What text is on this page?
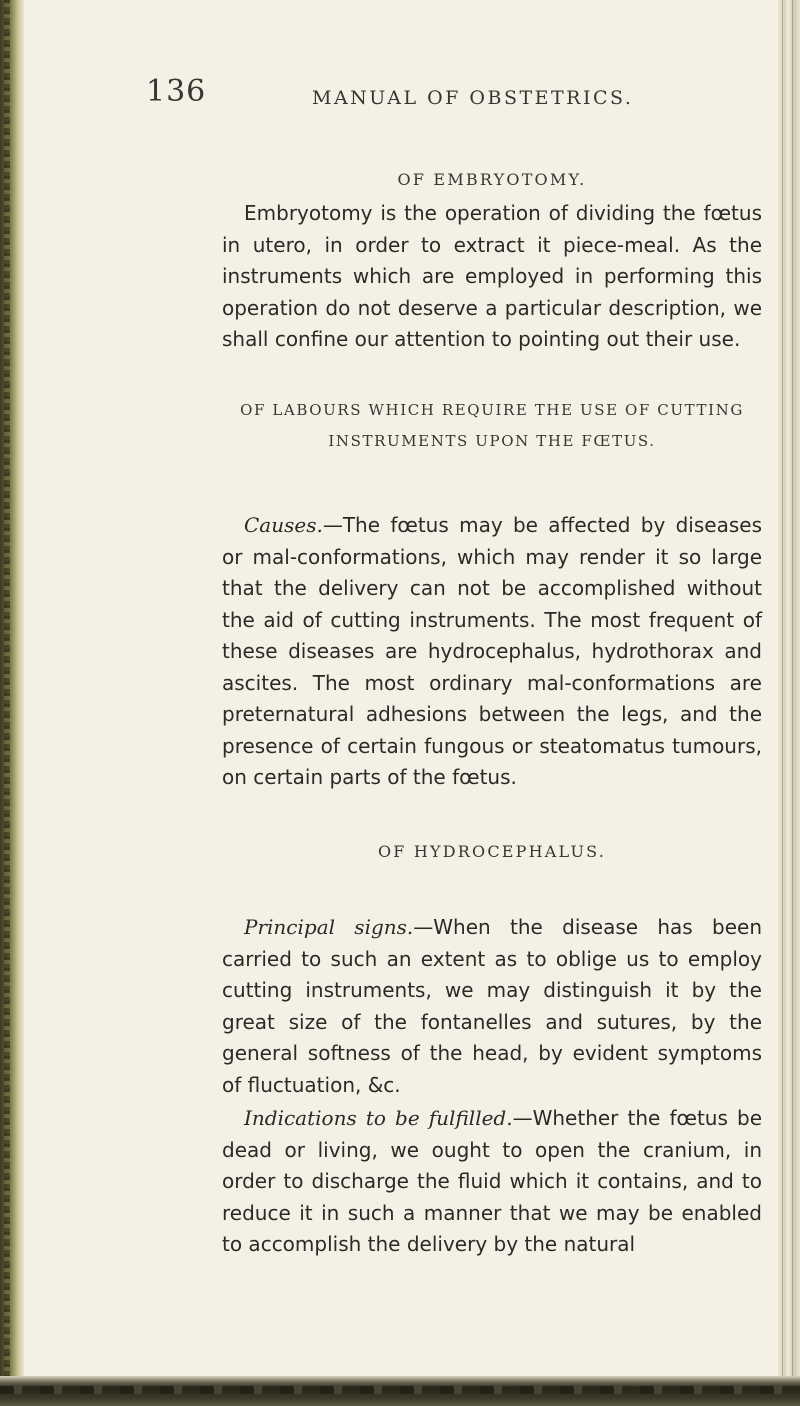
136	MANUAL OF OBSTETRICS.
OF EMBRYOTOMY.
Embryotomy is the operation of dividing the fœtus in utero, in order to extract it piece-meal. As the instruments which are employed in performing this operation do not deserve a particular description, we shall confine our attention to pointing out their use.
OF LABOURS WHICH REQUIRE THE USE OF CUTTING
INSTRUMENTS UPON THE FŒTUS.
Causes.—The fœtus may be affected by diseases or mal-conformations, which may render it so large that the delivery can not be accomplished without the aid of cutting instruments. The most frequent of these diseases are hydrocephalus, hydrothorax and ascites. The most ordinary mal-conformations are preternatural adhesions between the legs, and the presence of certain fungous or steatomatus tumours, on certain parts of the fœtus.
OF HYDROCEPHALUS.
Principal signs.—When the disease has been carried to such an extent as to oblige us to employ cutting instruments, we may distinguish it by the great size of the fontanelles and sutures, by the general softness of the head, by evident symptoms of fluctuation, &c.
Indications to be fulfilled.—Whether the fœtus be dead or living, we ought to open the cranium, in order to discharge the fluid which it contains, and to reduce it in such a manner that we may be enabled to accomplish the delivery by the natural
